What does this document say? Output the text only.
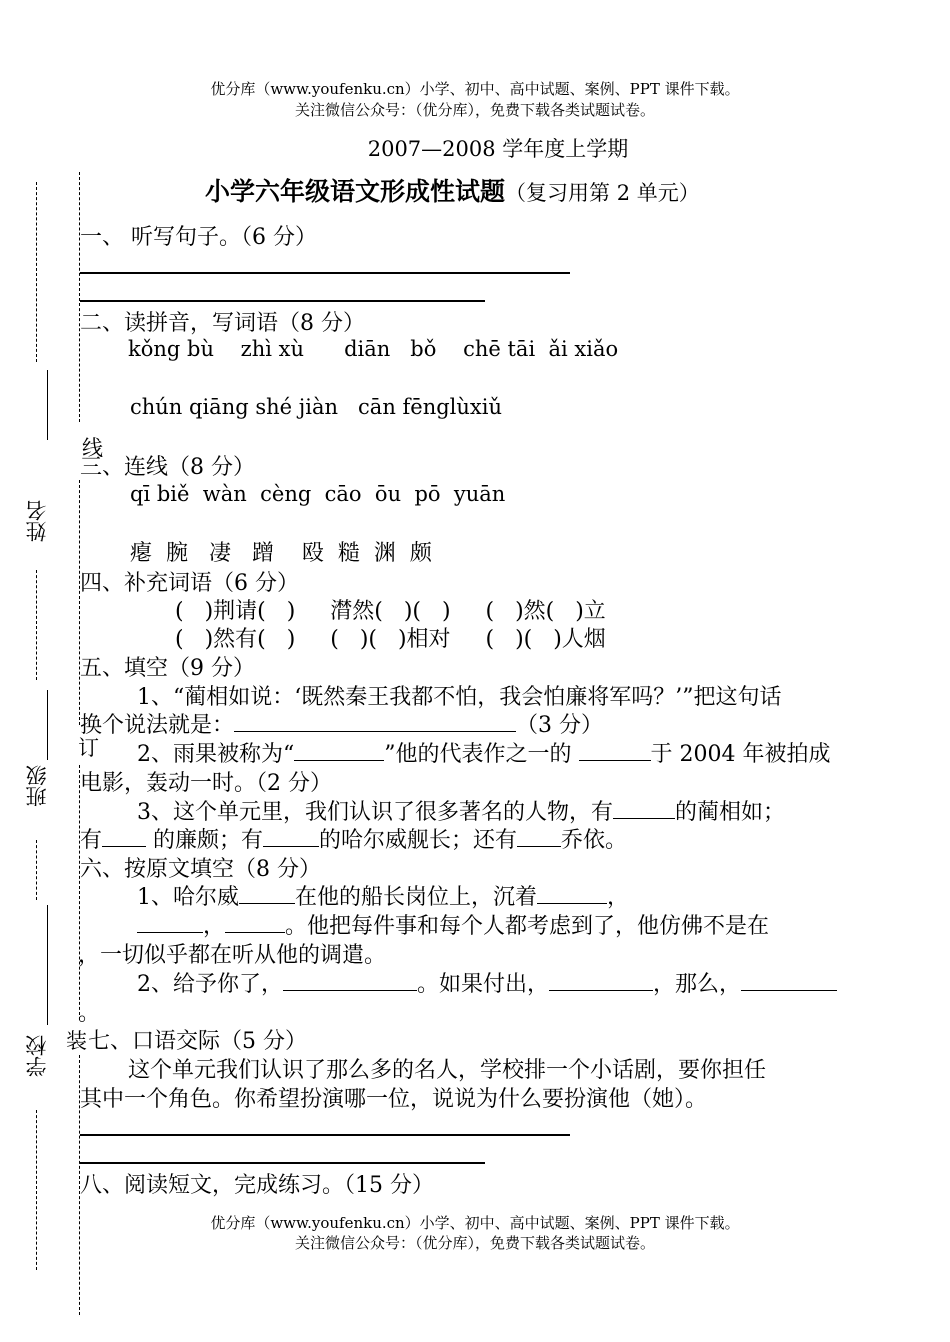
优分库（www.youfenku.cn）小学、初中、高中试题、案例、PPT 课件下载。
关注微信公众号：（优分库），免费下载各类试题试卷。
2007—2008 学年度上学期
小学六年级语文形成性试题（复习用第 2 单元）
姓名
班级
学校
线
订
装
一、 听写句子。（6 分）
二、读拼音，写词语（8 分）
kǒng bù    zhì xù      diān   bǒ    chē tāi  ǎi xiǎo
chún qiāng shé jiàn   cān fēnglùxiǔ
三、连线（8 分）
qī biě  wàn  cèng  cāo  ōu  pō  yuān
瘪  腕   凄   蹭    殴  糙  渊  颇
四、补充词语（6 分）
(   )荆请(   )     潸然(   )(   )     (   )然(   )立
(   )然有(   )     (   )(   )相对     (   )(   )人烟
五、填空（9 分）
1、“蔺相如说：‘既然秦王我都不怕，我会怕廉将军吗？’”把这句话
换个说法就是：	（3 分）
2、雨果被称为“	”他的代表作之一的	于 2004 年被拍成
电影，轰动一时。（2 分）
3、这个单元里，我们认识了很多著名的人物，有	的蔺相如；
有 的廉颇；有	的哈尔威舰长；还有 乔依。
六、按原文填空（8 分）
1、哈尔威	在他的船长岗位上，沉着	，
，	。他把每件事和每个人都考虑到了，他仿佛不是在
，一切似乎都在听从他的调遣。
2、给予你了，	。如果付出，	，那么，
。
七、口语交际（5 分）
这个单元我们认识了那么多的名人，学校排一个小话剧，要你担任
其中一个角色。你希望扮演哪一位，说说为什么要扮演他（她）。
八、阅读短文，完成练习。（15 分）
优分库（www.youfenku.cn）小学、初中、高中试题、案例、PPT 课件下载。
关注微信公众号：（优分库），免费下载各类试题试卷。
